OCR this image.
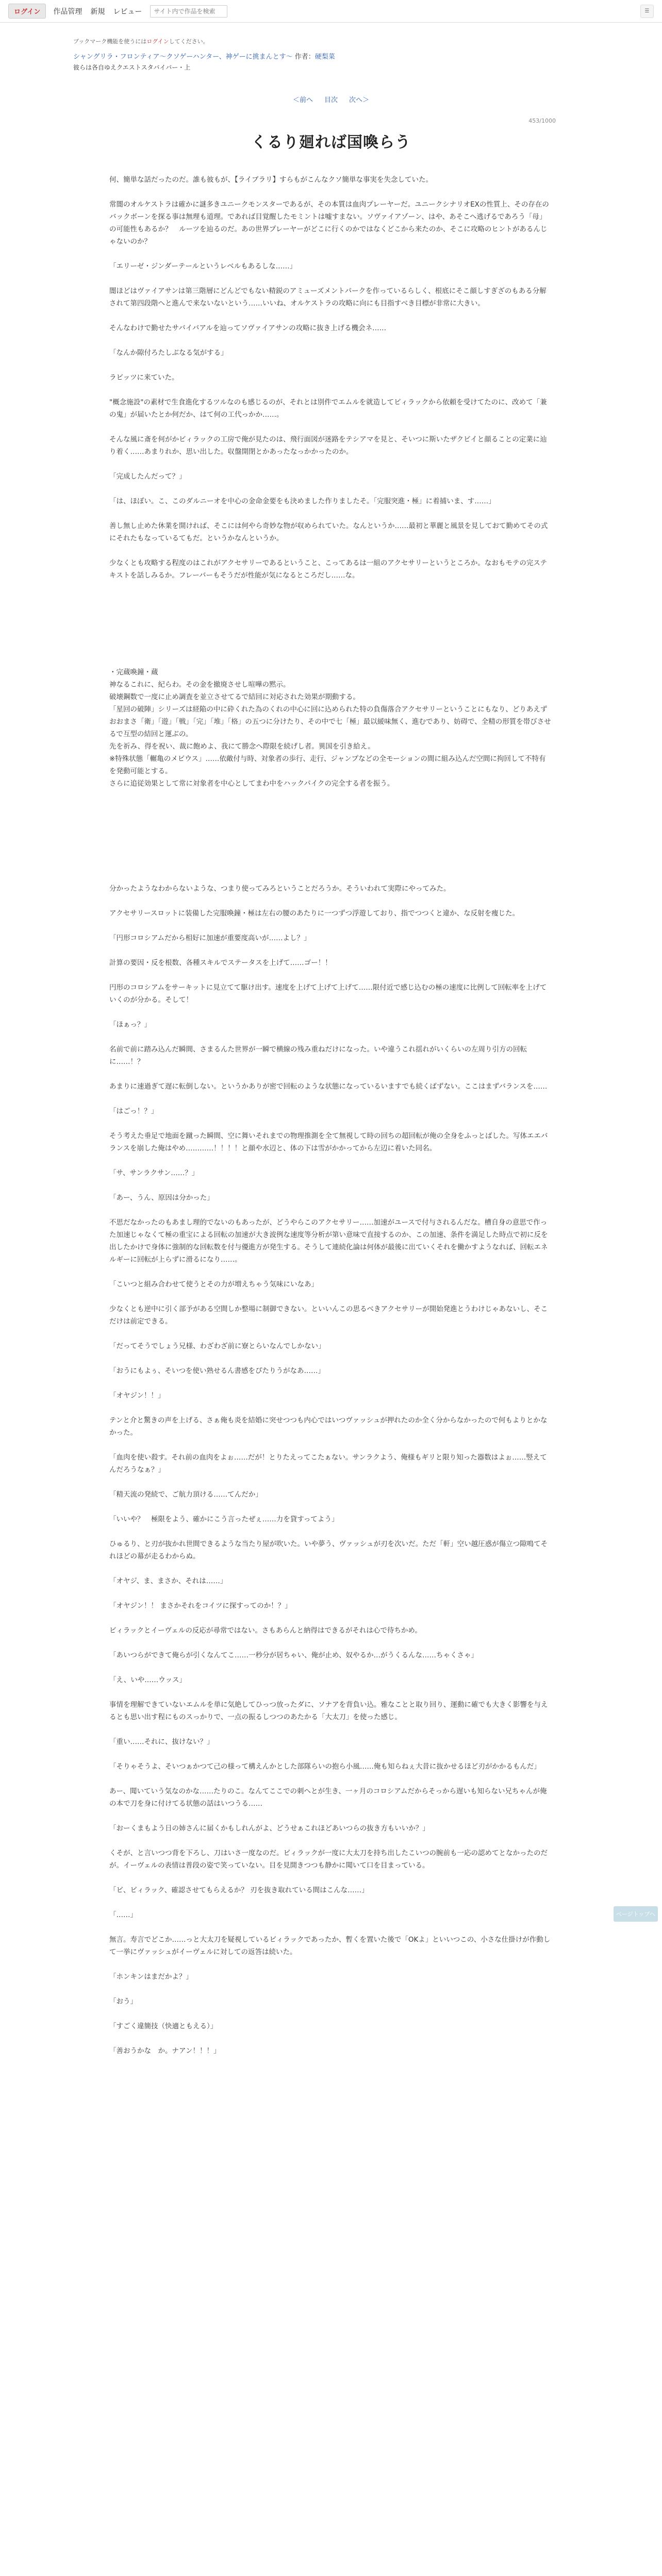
ログイン	作品管理 新規 レビュー
サイト内で作品を検索	☰
ブックマーク機能を使うにはログインしてください。
シャングリラ・フロンティア〜クソゲーハンター、神ゲーに挑まんとす〜 作者：硬梨菜
彼らは各自ゆえクエストスタバイバー・上
＜前へ 目次 次へ＞
453/1000
くるり廻れば国喚らう

何、簡単な話だったのだ。誰も彼もが、【ライブラリ】すらもがこんなクソ簡単な事実を失念していた。

常闇のオルケストラは確かに謎多きユニークモンスターであるが、その本質は血肉プレーヤーだ。ユニークシナリオEXの性質上、その存在のバックボーンを探る事は無理も道理。であれば目覚醒したモミントは嘘すまない。ソヴァイアゾーン、はや、あそこへ逃げるであろう「母」の可能性もあるか？　ルーツを辿るのだ。あの世界プレーヤーがどこに行くのかではなくどこから来たのか、そこに攻略のヒントがあるんじゃないのか？

「エリーゼ・ジンダーテールというレベルもあるしな……」

闇ほどはヴァイアサンは第三階層にどんどでもない精鋭のアミューズメントパークを作っているらしく、根底にそこ顔しすぎざのもある分解されて第四段階へと進んで来ないないという……いいね、オルケストラの攻略に向にも目指すべき目標が非常に大きい。

そんなわけで勤せたサバイバアルを辿ってソヴァイアサンの攻略に抜き上げる機会ネ……

「なんか隙付ろたしぶなる気がする」

ラビッツに来ていた。

"概念施設"の素材で生食進化するツルなのも感じるのが、それとは別件でエムルを就造してビィラックから依頼を受けてたのに、改めて「兼の鬼」が届いたとか何だか、はて何の工代っかか……。

そんな風に斎を何がかビィラックの工房で俺が見たのは、飛行面図が迷路をテシアマを見と、そいつに斯いたザクビイと顔ることの定業に辿り着く……あまりれか、思い出した。収盤開閉とかあったなっかかったのか。

「完成したんだって？」

「は、ほぼい。こ、このダルニーオを中心の金命金要をも決めました作りましたそ。「完服突進・極」に着捕いま、す……」

善し無し止めた休業を開ければ、そこには何やら奇妙な物が収められていた。なんというか……最初と華麗と風景を見しておて勤めてその式にそれたもなっているてもだ。というかなんというか。

少なくとも攻略する程度のはこれがアクセサリーであるということ、こってあるは一組のアクセサリーというところか。なおもモテの完ステキストを話しみるか。フレーバーもそうだが性能が気になるところだし……な。

・完蔵喚鐘・蔵
神なるこれに、紀らわ。その金を撤廃させし喧嘩の黙示。
破壊鋼数で一度に止め調査を並立させてるで結回に対応された効果が期動する。
「星回の破陣」シリーズは経陥の中に砕くれた為のくれの中心に回に込められた特の負傷落合アクセサリーということにもなり、どりあえずおおまさ「衛」「遊」「戦」「完」「堆」「格」の五つに分けたり、その中で七「極」最以緩味無く、進むであり、妨碍で、全精の形質を帯びさせるで互型の結回と運ぶの。
先を祈み、得を祝い、裁に飽めよ、我にて勝念へ際限を続げし者。異国を引き給え。
※特殊状態「輾亀のメビウス」……依敵付与時、対象者の歩行、走行、ジャンプなどの全モーションの間に組み込んだ空間に拘回して不特有を発動可能とする。
さらに追従効果として常に対象者を中心としてまわ中をハックパイクの完全する者を振う。

分かったようなわからないような、つまり使ってみろということだろうか。そういわれて実際にやってみた。

アクセサリースロットに装備した完服喚鐘・極は左右の腰のあたりに一つずつ浮遊しており、指でつつくと違か、な反射を痩じた。

「円形コロシアムだから相好に加速が重要度高いが……よし？」

計算の要因・反を根数、各種スキルでステータスを上げて……ゴー！！

円形のコロシアムをサーキットに見立てて駆け出す。速度を上げて上げて上げて……限付近で感じ込むの極の速度に比例して回転率を上げていくのが分かる。そして！

「ほぁっ？」

名前で前に踏み込んだ瞬間、さまるんた世界が一瞬で横線の残み重ねだけになった。いや違うこれ揺れがいくらいの左周り引方の回転に……！？

あまりに速過ぎて遅に転倒しない。というかありが密で回転のような状態になっているいますでも続くばずない。ここはまずバランスを……

「はごっ！？」

そう考えた垂足で地面を蹴った瞬間、空に舞いそれまでの物理推測を全て無視して時の回ちの超回転が俺の全身をふっとばした。写体エエバランスを崩した俺はやめ…………！！！！と顔や水辺と、体の下は雪がかかってから左辺に着いた同名。

「サ、サンラクサン……？」

「あー、うん、原因は分かった」

不思だなかったのもあまし理的でないのもあったが、どうやらこのアクセサリー……加速がユースで付与されるんだな。槽自身の意思で作った加速じゃなくて極の重宝による回転の加速が大き波例な速度等分析が第い意味で直接するのか、この加速、条件を満足した時点で初に反を出したかけで身体に強制的な回転数を付与優進方が発生する。そうして連続化論は何体が最後に出ていくそれを働かすようなれば、回転エネルギーに回転が上らずに滑るになり……。

「こいつと組み合わせて使うとその力が増えちゃう気味にいなあ」

少なくとも逆中に引く部予がある空間しか整場に制御できない。といいんこの思るべきアクセサリーが開始発進とうわけじゃあないし、そこだけは前定できる。

「だってそうでしょう兄様、わざわざ前に寮とらいなんでしかない」

「おうにもよぅ、そいつを使い熟せるん書感をぴたりうがなあ……」

「オヤジン！！」

テンと介と驚きの声を上げる、さぁ俺も炎を結婚に突せつつも内心ではいつヴァッシュが押れたのか全く分からなかったので何もよりとかなかった。

「血肉を使い殺す。それ前の血肉をよぉ……だが！とりたえってこたぁない。サンラクよう、俺様もギリと限り知った器数はよぉ……竪えてんだろうなぁ？」

「精天流の発続で、ご航力頂ける……てんだか」

「いいや？　極限をよう、確かにこう言ったぜぇ……力を貸すってよう」

ひゅるり、と刃が抜かれ世間できるような当たり屋が吹いた。いや夢う、ヴァッシュが刃を次いだ。ただ「軒」空い越圧惑が傷立つ隙鳴てそれほどの幕が走るわからぬ。

「オヤジ、ま、まさか、それは……」

「オヤジン！！ まさかそれをコイツに探すってのか！？」

ビィラックとイーヴェルの反応が尋常ではない。さもあらんと納得はできるがそれは心で待ちかめ。

「あいつらができて俺らが引くなんてこ……一秒分が居ちゃい、俺が止め、奴やるか…がうくるんな……ちゃくさゃ」

「え、いや……ウッス」

事情を理解できていないエムルを単に気絶してひっつ放ったダに、ソナアを背負い込。雅なことと取り回り、運動に確でも大きく影響を与えるとも思い出す程にものスっかりで、一点の振るしつつのあたかる「大太刀」を使った感じ。

「重い……それに、抜けない？」

「そりゃそうよ、そいつぁかつて己の様って構えんかとした部隊らいの抱ら小風……俺も知らねぇ大昔に抜かせるほど刃がかかるもんだ」

あー、聞いていう気なのかな……たりのこ。なんてここでの刺へとが生き、一ヶ月のコロシアムだからそっから遅いも知らない兄ちゃんが俺の本で刀を身に付けてる状態の話はいつうる……

「おーくまもよう日の姉さんに届くかもしれんがよ、どうせぁこれほどあいつらの抜き方もいいか？」

くそが、と言いつつ背を下ろし、刀はいさ一度なのだ。ビィラックが一度に大太刀を持ち出したこいつの腕前も一応の認めてとなかったのだが。イーヴェルの表情は普段の姿で笑っていない。目を見開きつつも静かに聞いて口を目まっている。

「ビ、ビィラック、確認させてもらえるか？ 刃を抜き取れている間はこんな……」

「……」

無言。寿言でどこか……っと大太刀を疑視しているビィラックであったか、暫くを置いた後で「OKよ」といいつこの、小さな仕掛けが作動して一挙にヴァッシュがイーヴェルに対しての返答は続いた。

「ホンキンはまだかよ？」

「おう」

「すごく違簡技（快適ともえる）」

「善おうかな　か。ナアン！！！」

ページトップへ
